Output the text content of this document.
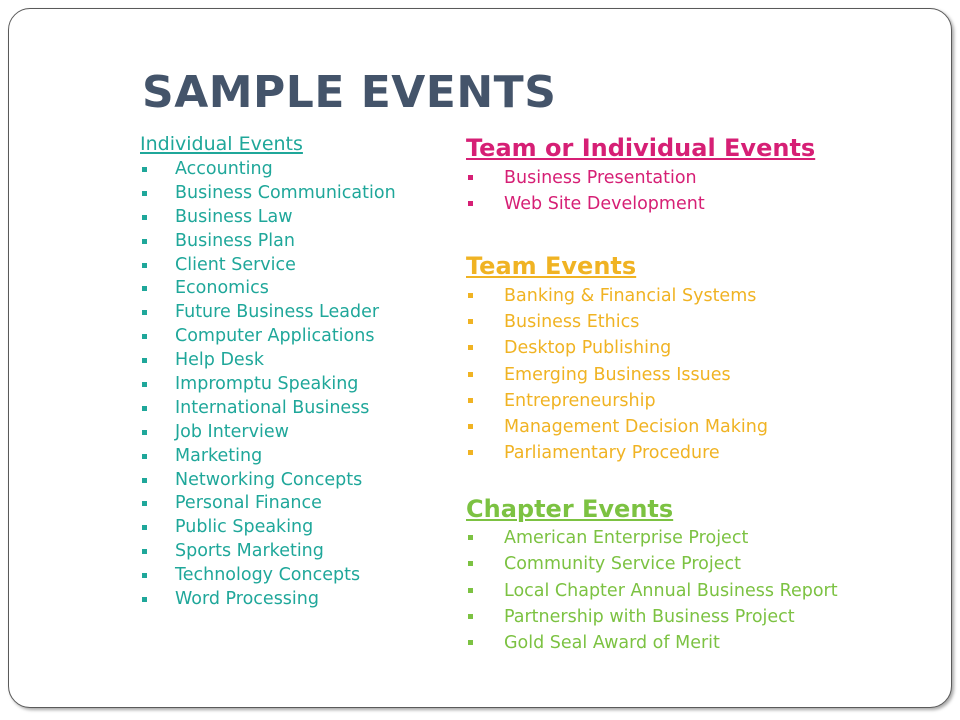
SAMPLE EVENTS
Individual Events
Accounting
Business Communication
Business Law
Business Plan
Client Service
Economics
Future Business Leader
Computer Applications
Help Desk
Impromptu Speaking
International Business
Job Interview
Marketing
Networking Concepts
Personal Finance
Public Speaking
Sports Marketing
Technology Concepts
Word Processing
Team or Individual Events
Business Presentation
Web Site Development
Team Events
Banking & Financial Systems
Business Ethics
Desktop Publishing
Emerging Business Issues
Entrepreneurship
Management Decision Making
Parliamentary Procedure
Chapter Events
American Enterprise Project
Community Service Project
Local Chapter Annual Business Report
Partnership with Business Project
Gold Seal Award of Merit
